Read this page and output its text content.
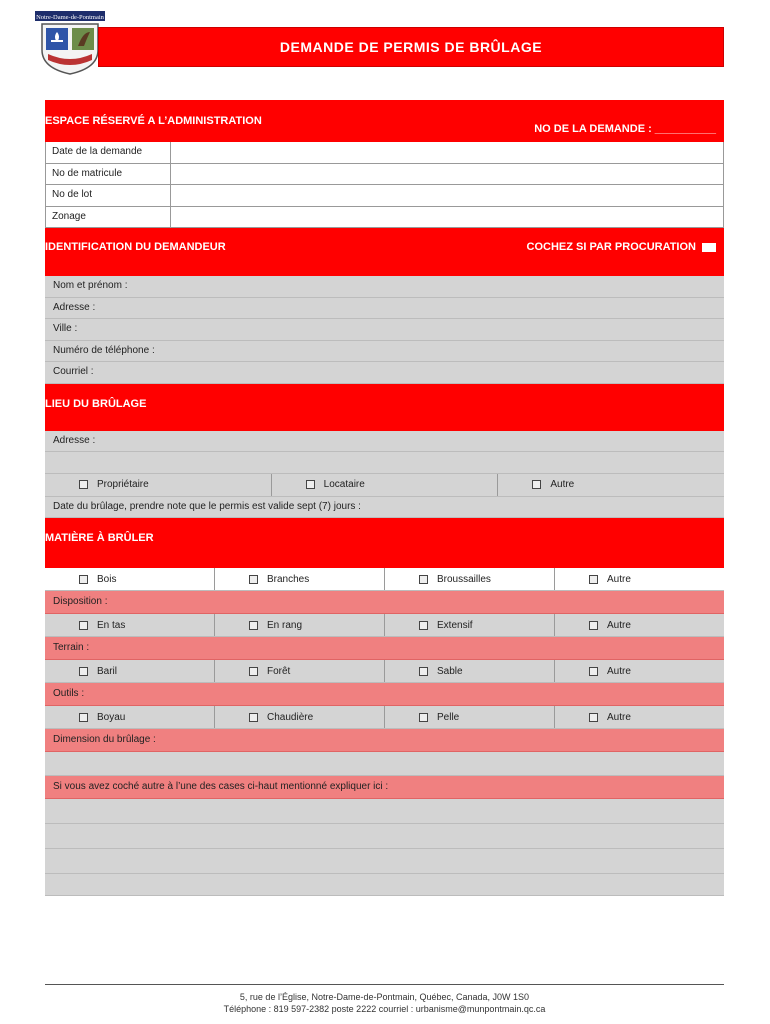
Notre-Dame-de-Pontmain
DEMANDE DE PERMIS DE BRÛLAGE
ESPACE RÉSERVÉ A L’ADMINISTRATION
NO DE LA DEMANDE : __________
Date de la demande
No de matricule
No de lot
Zonage
IDENTIFICATION DU DEMANDEUR	COCHEZ SI PAR PROCURATION
Nom et prénom :
Adresse :
Ville :
Numéro de téléphone :
Courriel :
LIEU DU BRÛLAGE
Adresse :
Propriétaire	Locataire	Autre
Date du brûlage, prendre note que le permis est valide sept (7) jours :
MATIÈRE À BRÛLER
Bois	Branches	Broussailles	Autre
Disposition :
En tas	En rang	Extensif	Autre
Terrain :
Baril	Forêt	Sable	Autre
Outils :
Boyau	Chaudière	Pelle	Autre
Dimension du brûlage :
Si vous avez coché autre à l’une des cases ci-haut mentionné expliquer ici :
5, rue de l’Église, Notre-Dame-de-Pontmain, Québec, Canada, J0W 1S0
Téléphone : 819 597-2382 poste 2222 courriel : urbanisme@munpontmain.qc.ca
